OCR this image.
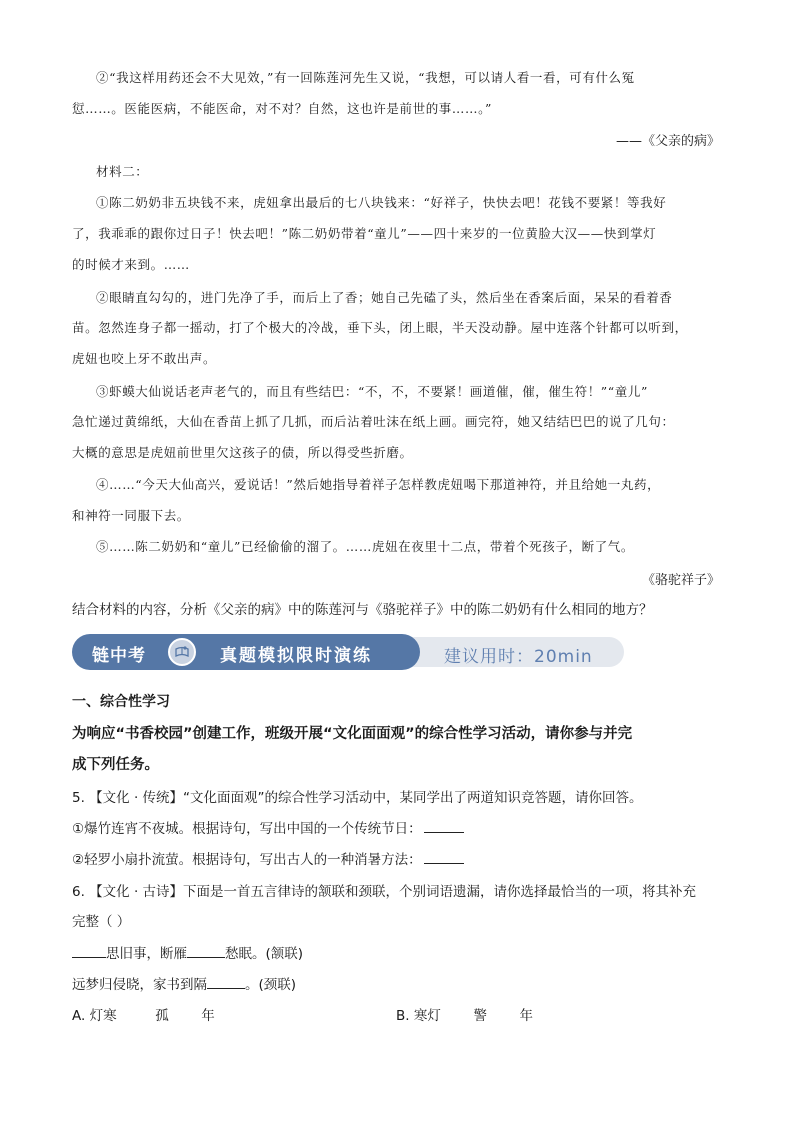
②“我这样用药还会不大见效，”有一回陈莲河先生又说，“我想，可以请人看一看，可有什么冤
愆……。医能医病，不能医命，对不对？自然，这也许是前世的事……。”
——《父亲的病》
材料二：
①陈二奶奶非五块钱不来，虎妞拿出最后的七八块钱来：“好祥子，快快去吧！花钱不要紧！等我好
了，我乖乖的跟你过日子！快去吧！”陈二奶奶带着“童儿”——四十来岁的一位黄脸大汉——快到掌灯
的时候才来到。……
②眼睛直勾勾的，进门先净了手，而后上了香；她自己先磕了头，然后坐在香案后面，呆呆的看着香
苗。忽然连身子都一摇动，打了个极大的冷战，垂下头，闭上眼，半天没动静。屋中连落个针都可以听到，
虎妞也咬上牙不敢出声。
③虾蟆大仙说话老声老气的，而且有些结巴：“不，不，不要紧！画道催，催，催生符！”“童儿”
急忙递过黄绵纸，大仙在香苗上抓了几抓，而后沾着吐沫在纸上画。画完符，她又结结巴巴的说了几句：
大概的意思是虎妞前世里欠这孩子的债，所以得受些折磨。
④……“今天大仙高兴，爱说话！”然后她指导着祥子怎样教虎妞喝下那道神符，并且给她一丸药，
和神符一同服下去。
⑤……陈二奶奶和“童儿”已经偷偷的溜了。……虎妞在夜里十二点，带着个死孩子，断了气。
《骆驼祥子》
结合材料的内容，分析《父亲的病》中的陈莲河与《骆驼祥子》中的陈二奶奶有什么相同的地方？
链中考	真题模拟限时演练	建议用时：20min
一、综合性学习
为响应“书香校园”创建工作，班级开展“文化面面观”的综合性学习活动，请你参与并完
成下列任务。
5. 【文化 · 传统】“文化面面观”的综合性学习活动中，某同学出了两道知识竞答题，请你回答。
①爆竹连宵不夜城。根据诗句，写出中国的一个传统节日：
②轻罗小扇扑流萤。根据诗句，写出古人的一种消暑方法：
6. 【文化 · 古诗】下面是一首五言律诗的颔联和颈联，个别词语遗漏，请你选择最恰当的一项，将其补充
完整（ ）
思旧事，断雁	愁眠。(颔联)
远梦归侵晓，家书到隔	。(颈联)
A. 灯寒	孤 年	B. 寒灯 警 年
